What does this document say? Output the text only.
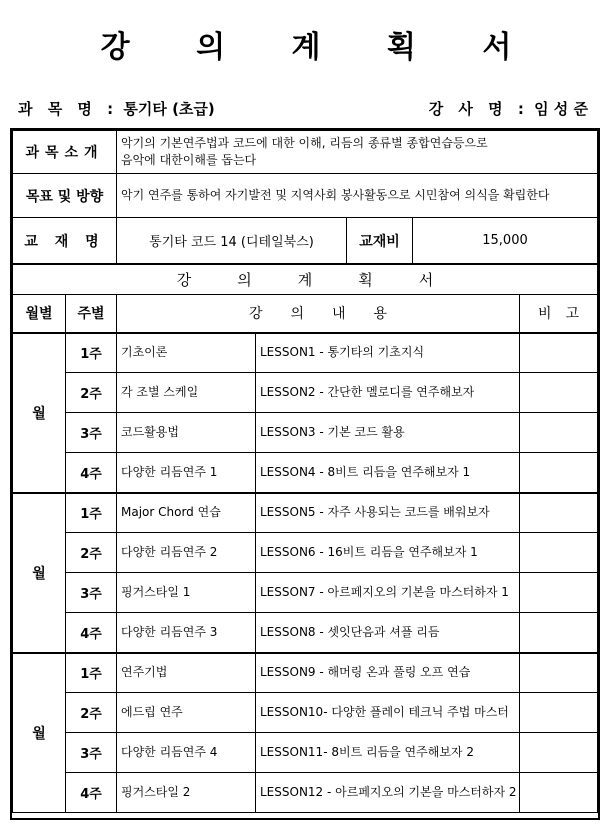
강 의 계 획 서
과 목 명 : 통기타 (초급)	강 사 명 : 임 성 준
과목소개	악기의 기본연주법과 코드에 대한 이해, 리듬의 종류별 종합연습등으로
음악에 대한이해를 돕는다		

목표 및 방향	악기 연주를 통하여 자기발전 및 지역사회 봉사활동으로 시민참여 의식을 확립한다		
교 재 명	통기타 코드 14 (디테일북스)	교재비	15,000
강의계획서				
월별	주별	강의내용		비고
월	1주	기초이론	LESSON1 - 통기타의 기초지식	
	2주	각 조별 스케일	LESSON2 - 간단한 멜로디를 연주해보자	
	3주	코드활용법	LESSON3 - 기본 코드 활용	
	4주	다양한 리듬연주 1	LESSON4 - 8비트 리듬을 연주해보자 1	
월	1주	Major Chord 연습	LESSON5 - 자주 사용되는 코드를 배워보자	
	2주	다양한 리듬연주 2	LESSON6 - 16비트 리듬을 연주해보자 1	
	3주	핑거스타일 1	LESSON7 - 아르페지오의 기본을 마스터하자 1	
	4주	다양한 리듬연주 3	LESSON8 - 셋잇단음과 셔플 리듬	
월	1주	연주기법	LESSON9 - 해머링 온과 풀링 오프 연습	
	2주	에드립 연주	LESSON10- 다양한 플레이 테크닉 주법 마스터	
	3주	다양한 리듬연주 4	LESSON11- 8비트 리듬을 연주해보자 2	
	4주	핑거스타일 2	LESSON12 - 아르페지오의 기본을 마스터하자 2	
